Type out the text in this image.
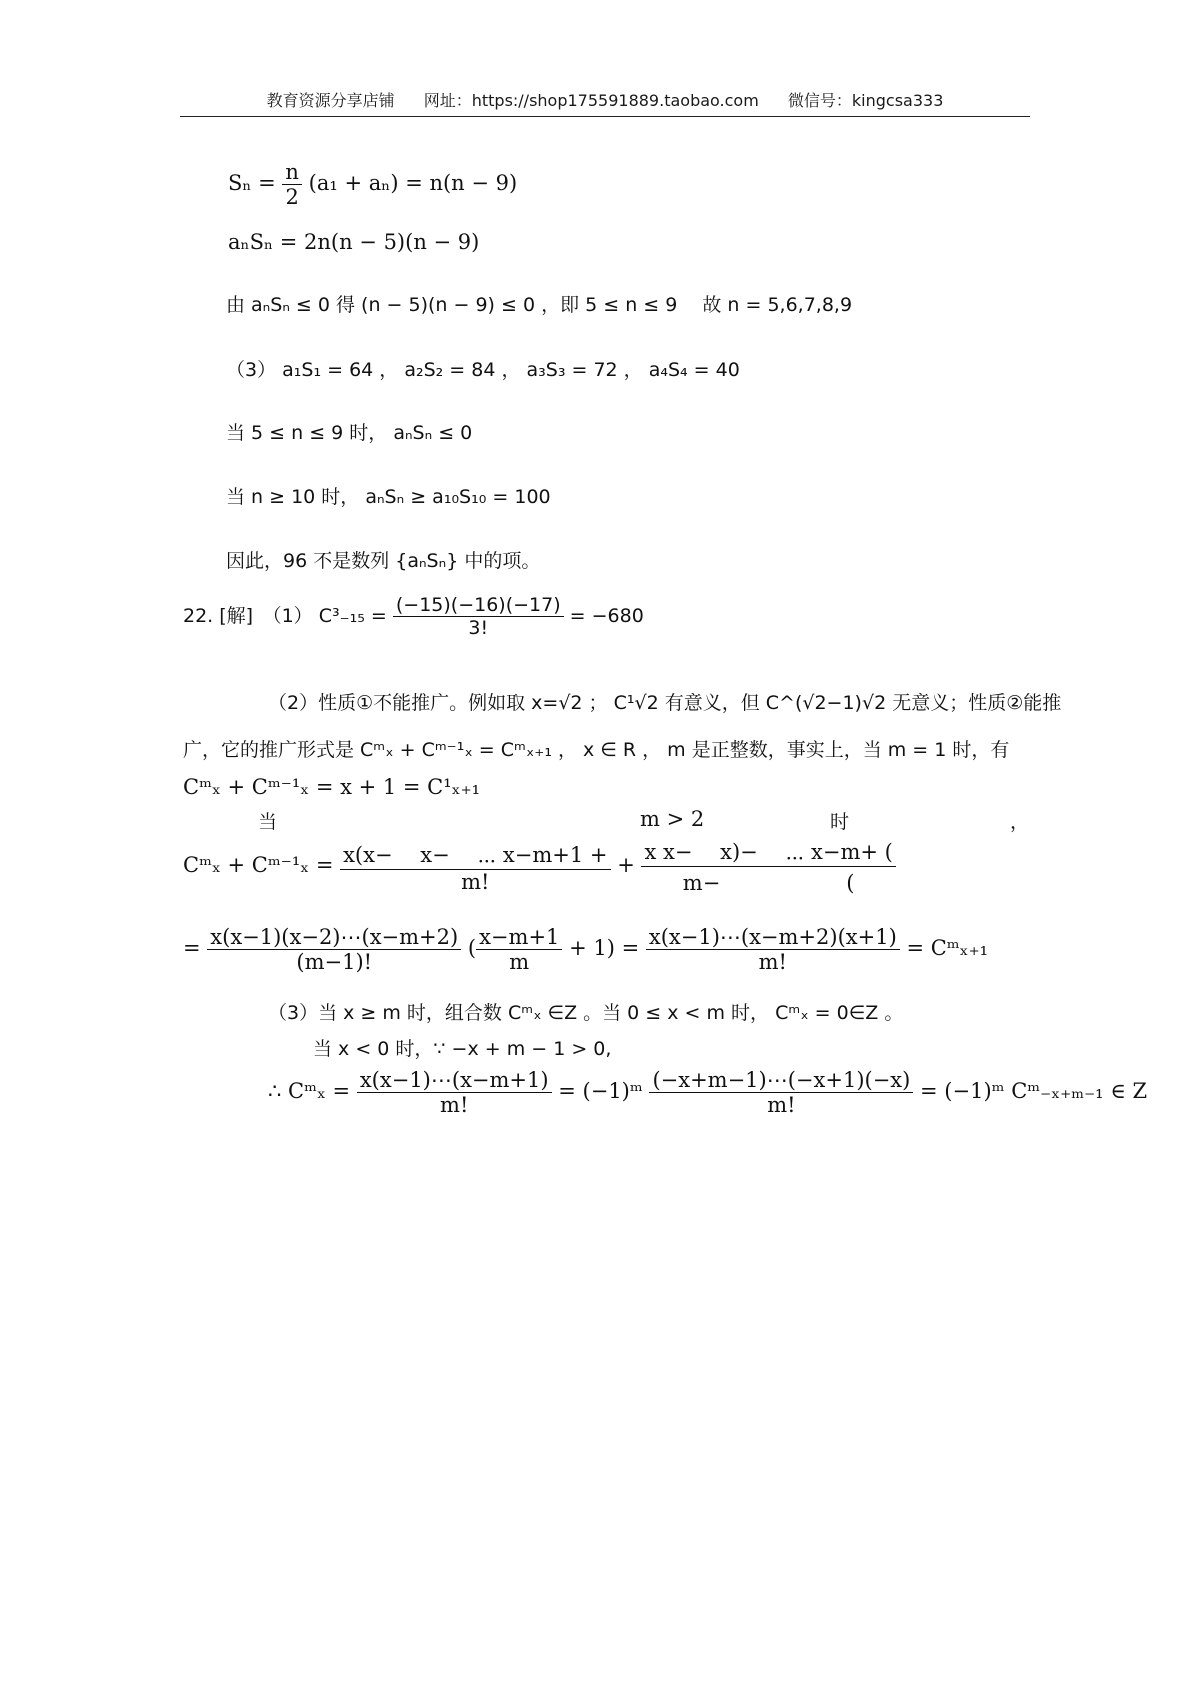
教育资源分享店铺 网址：https://shop175591889.taobao.com 微信号：kingcsa333
$S_n = \frac{n}{2} (a_1 + a_n) = n(n - 9)$
aₙSₙ = 2n(n − 5)(n − 9)
由 aₙSₙ ≤ 0 得 (n − 5)(n − 9) ≤ 0 ，即 5 ≤ n ≤ 9　 故 n = 5,6,7,8,9
（3） a₁S₁ = 64 ， a₂S₂ = 84 ， a₃S₃ = 72 ， a₄S₄ = 40
当 5 ≤ n ≤ 9 时， aₙSₙ ≤ 0
当 n ≥ 10 时， aₙSₙ ≥ a₁₀S₁₀ = 100
因此，96 不是数列 {aₙSₙ} 中的项。
22. [解]　（1） $C^3_{-15} = \frac{(-15)(-16)(-17)}{3!} = -680$
（2）性质①不能推广。例如取 x=√2 ； C¹√2 有意义，但 C^(√2−1)√2 无意义；性质②能推
广，它的推广形式是 Cᵐₓ + Cᵐ⁻¹ₓ = Cᵐₓ₊₁ ， x ∈ R ， m 是正整数，事实上，当 m = 1 时，有
Cᵐₓ + Cᵐ⁻¹ₓ = x + 1 = C¹ₓ₊₁
当	m > 2	时	，
Cᵐₓ + Cᵐ⁻¹ₓ = $\frac{x(x- x- \cdots x-m+1 +}{m!} + \frac{\text{x x−　 x)−　 ⋯ x−m+ (}}{m- (}$
= $\frac{x(x-1)(x-2)\cdots(x-m+2)}{(m-1)!}$ ( $\frac{x-m+1}{m} + 1) = \frac{x(x-1)\cdots(x-m+2)(x+1)}{m!}$ = Cᵐₓ₊₁
（3）当 x ≥ m 时，组合数 Cᵐₓ ∈Z 。当 0 ≤ x < m 时， Cᵐₓ = 0∈Z 。
当 x < 0 时，∵ −x + m − 1 > 0,
∴ Cᵐₓ = $\frac{x(x-1)\cdots(x-m+1)}{m!}$ = (−1)ᵐ $\frac{(-x+m-1)\cdots(-x+1)(-x)}{m!}$ = (−1)ᵐ Cᵐ₋ₓ₊ₘ₋₁ ∈ Z
